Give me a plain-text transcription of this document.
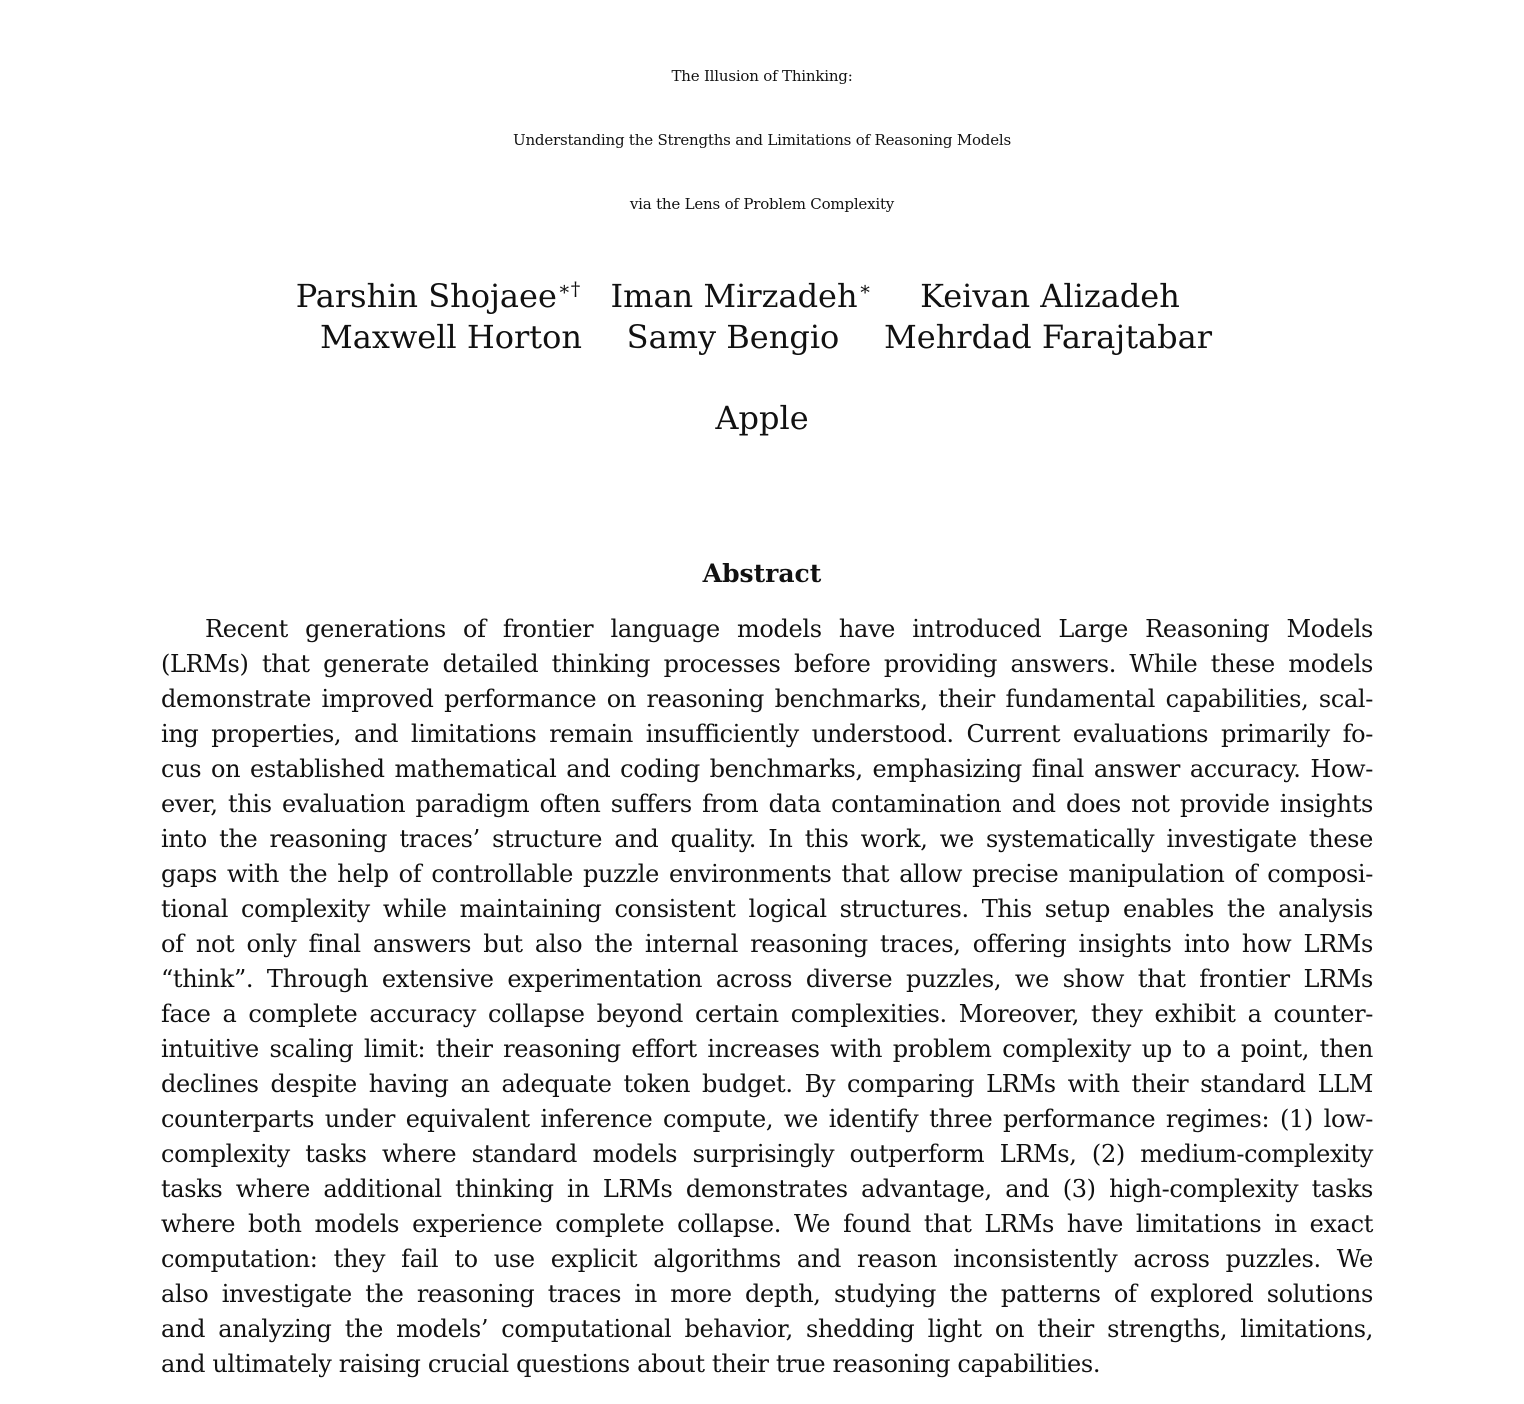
The Illusion of Thinking:
Understanding the Strengths and Limitations of Reasoning Models
via the Lens of Problem Complexity
Parshin Shojaee∗† Iman Mirzadeh∗ Keivan Alizadeh
Maxwell Horton Samy Bengio Mehrdad Farajtabar
Apple
Abstract
Recent generations of frontier language models have introduced Large Reasoning Models
(LRMs) that generate detailed thinking processes before providing answers. While these models
demonstrate improved performance on reasoning benchmarks, their fundamental capabilities, scal-
ing properties, and limitations remain insufficiently understood. Current evaluations primarily fo-
cus on established mathematical and coding benchmarks, emphasizing final answer accuracy. How-
ever, this evaluation paradigm often suffers from data contamination and does not provide insights
into the reasoning traces’ structure and quality. In this work, we systematically investigate these
gaps with the help of controllable puzzle environments that allow precise manipulation of composi-
tional complexity while maintaining consistent logical structures. This setup enables the analysis
of not only final answers but also the internal reasoning traces, offering insights into how LRMs
“think”. Through extensive experimentation across diverse puzzles, we show that frontier LRMs
face a complete accuracy collapse beyond certain complexities. Moreover, they exhibit a counter-
intuitive scaling limit: their reasoning effort increases with problem complexity up to a point, then
declines despite having an adequate token budget. By comparing LRMs with their standard LLM
counterparts under equivalent inference compute, we identify three performance regimes: (1) low-
complexity tasks where standard models surprisingly outperform LRMs, (2) medium-complexity
tasks where additional thinking in LRMs demonstrates advantage, and (3) high-complexity tasks
where both models experience complete collapse. We found that LRMs have limitations in exact
computation: they fail to use explicit algorithms and reason inconsistently across puzzles. We
also investigate the reasoning traces in more depth, studying the patterns of explored solutions
and analyzing the models’ computational behavior, shedding light on their strengths, limitations,
and ultimately raising crucial questions about their true reasoning capabilities.
